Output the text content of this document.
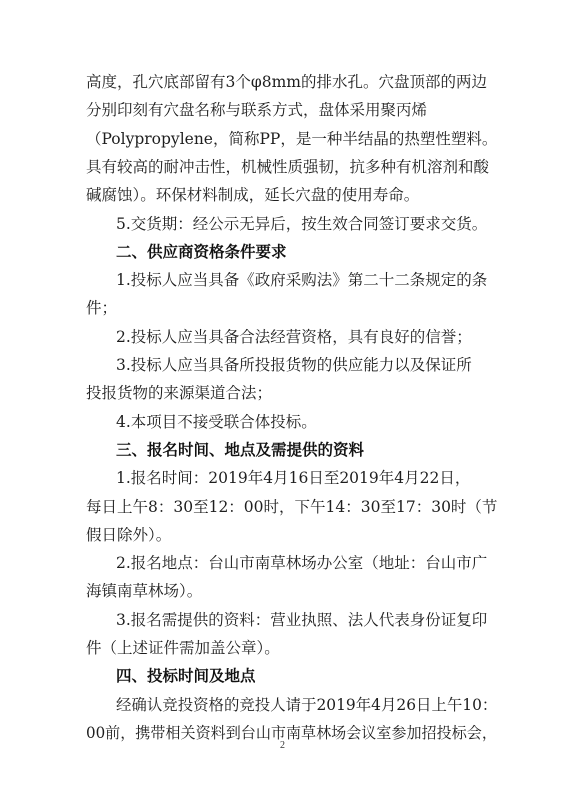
高度，孔穴底部留有3个φ8mm的排水孔。穴盘顶部的两边
分别印刻有穴盘名称与联系方式，盘体采用聚丙烯
（Polypropylene，简称PP，是一种半结晶的热塑性塑料。
具有较高的耐冲击性，机械性质强韧，抗多种有机溶剂和酸
碱腐蚀）。环保材料制成，延长穴盘的使用寿命。
5.交货期：经公示无异后，按生效合同签订要求交货。
二、供应商资格条件要求
1.投标人应当具备《政府采购法》第二十二条规定的条
件；
2.投标人应当具备合法经营资格，具有良好的信誉；
3.投标人应当具备所投报货物的供应能力以及保证所
投报货物的来源渠道合法；
4.本项目不接受联合体投标。
三、报名时间、地点及需提供的资料
1.报名时间：2019年4月16日至2019年4月22日，
每日上午8：30至12：00时，下午14：30至17：30时（节
假日除外）。
2.报名地点：台山市南草林场办公室（地址：台山市广
海镇南草林场）。
3.报名需提供的资料：营业执照、法人代表身份证复印
件（上述证件需加盖公章）。
四、投标时间及地点
经确认竞投资格的竞投人请于2019年4月26日上午10：
00前，携带相关资料到台山市南草林场会议室参加招投标会，
2
